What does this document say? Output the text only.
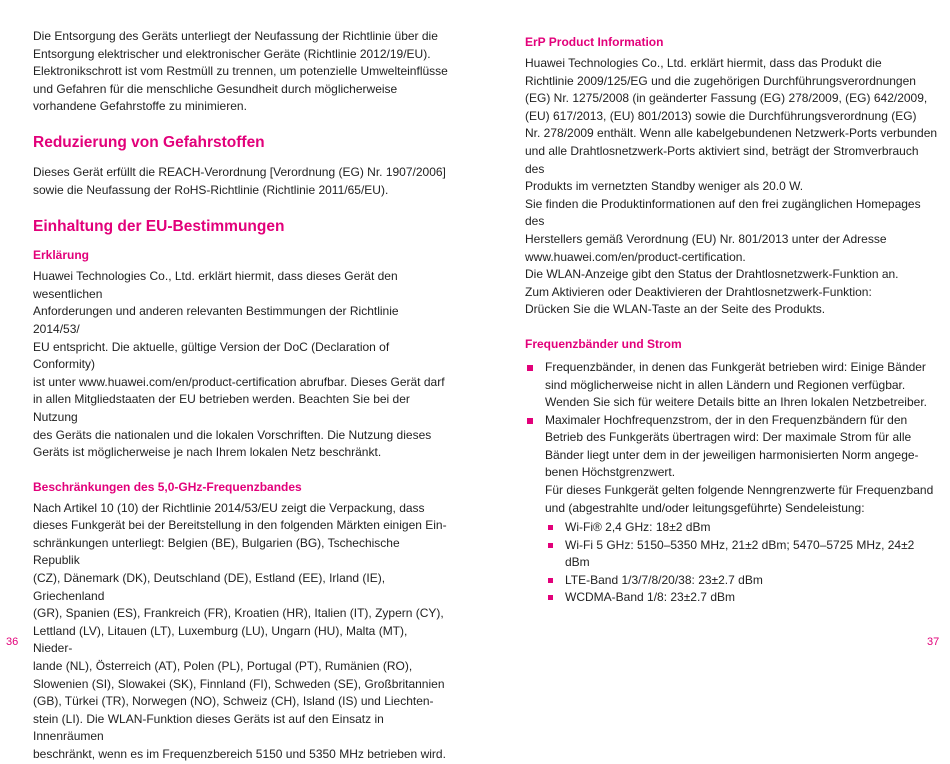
Die Entsorgung des Geräts unterliegt der Neufassung der Richtlinie über die
Entsorgung elektrischer und elektronischer Geräte (Richtlinie 2012/19/EU).
Elektronikschrott ist vom Restmüll zu trennen, um potenzielle Umwelteinflüsse
und Gefahren für die menschliche Gesundheit durch möglicherweise
vorhandene Gefahrstoffe zu minimieren.

Reduzierung von Gefahrstoffen

Dieses Gerät erfüllt die REACH-Verordnung [Verordnung (EG) Nr. 1907/2006]
sowie die Neufassung der RoHS-Richtlinie (Richtlinie 2011/65/EU).

Einhaltung der EU-Bestimmungen
Erklärung

Huawei Technologies Co., Ltd. erklärt hiermit, dass dieses Gerät den wesentlichen
Anforderungen und anderen relevanten Bestimmungen der Richtlinie 2014/53/
EU entspricht. Die aktuelle, gültige Version der DoC (Declaration of Conformity)
ist unter www.huawei.com/en/product-certification abrufbar. Dieses Gerät darf
in allen Mitgliedstaaten der EU betrieben werden. Beachten Sie bei der Nutzung
des Geräts die nationalen und die lokalen Vorschriften. Die Nutzung dieses
Geräts ist möglicherweise je nach Ihrem lokalen Netz beschränkt.

Beschränkungen des 5,0-GHz-Frequenzbandes

Nach Artikel 10 (10) der Richtlinie 2014/53/EU zeigt die Verpackung, dass
dieses Funkgerät bei der Bereitstellung in den folgenden Märkten einigen Ein-
schränkungen unterliegt: Belgien (BE), Bulgarien (BG), Tschechische Republik
(CZ), Dänemark (DK), Deutschland (DE), Estland (EE), Irland (IE), Griechenland
(GR), Spanien (ES), Frankreich (FR), Kroatien (HR), Italien (IT), Zypern (CY),
Lettland (LV), Litauen (LT), Luxemburg (LU), Ungarn (HU), Malta (MT), Nieder-
lande (NL), Österreich (AT), Polen (PL), Portugal (PT), Rumänien (RO),
Slowenien (SI), Slowakei (SK), Finnland (FI), Schweden (SE), Großbritannien
(GB), Türkei (TR), Norwegen (NO), Schweiz (CH), Island (IS) und Liechten-
stein (LI). Die WLAN-Funktion dieses Geräts ist auf den Einsatz in Innenräumen
beschränkt, wenn es im Frequenzbereich 5150 und 5350 MHz betrieben wird.

36
ErP Product Information

Huawei Technologies Co., Ltd. erklärt hiermit, dass das Produkt die
Richtlinie 2009/125/EG und die zugehörigen Durchführungsverordnungen
(EG) Nr. 1275/2008 (in geänderter Fassung (EG) 278/2009, (EG) 642/2009,
(EU) 617/2013, (EU) 801/2013) sowie die Durchführungsverordnung (EG)
Nr. 278/2009 enthält. Wenn alle kabelgebundenen Netzwerk-Ports verbunden
und alle Drahtlosnetzwerk-Ports aktiviert sind, beträgt der Stromverbrauch des
Produkts im vernetzten Standby weniger als 20.0 W.
Sie finden die Produktinformationen auf den frei zugänglichen Homepages des
Herstellers gemäß Verordnung (EU) Nr. 801/2013 unter der Adresse
www.huawei.com/en/product-certification.
Die WLAN-Anzeige gibt den Status der Drahtlosnetzwerk-Funktion an.
Zum Aktivieren oder Deaktivieren der Drahtlosnetzwerk-Funktion:
Drücken Sie die WLAN-Taste an der Seite des Produkts.

Frequenzbänder und Strom

Frequenzbänder, in denen das Funkgerät betrieben wird: Einige Bänder
sind möglicherweise nicht in allen Ländern und Regionen verfügbar.
Wenden Sie sich für weitere Details bitte an Ihren lokalen Netzbetreiber.

Maximaler Hochfrequenzstrom, der in den Frequenzbändern für den
Betrieb des Funkgeräts übertragen wird: Der maximale Strom für alle
Bänder liegt unter dem in der jeweiligen harmonisierten Norm angege-
benen Höchstgrenzwert.
Für dieses Funkgerät gelten folgende Nenngrenzwerte für Frequenzband
und (abgestrahlte und/oder leitungsgeführte) Sendeleistung:

Wi-Fi® 2,4 GHz: 18±2 dBm
Wi-Fi 5 GHz: 5150–5350 MHz, 21±2 dBm; 5470–5725 MHz, 24±2 dBm
LTE-Band 1/3/7/8/20/38: 23±2.7 dBm
WCDMA-Band 1/8: 23±2.7 dBm
37
